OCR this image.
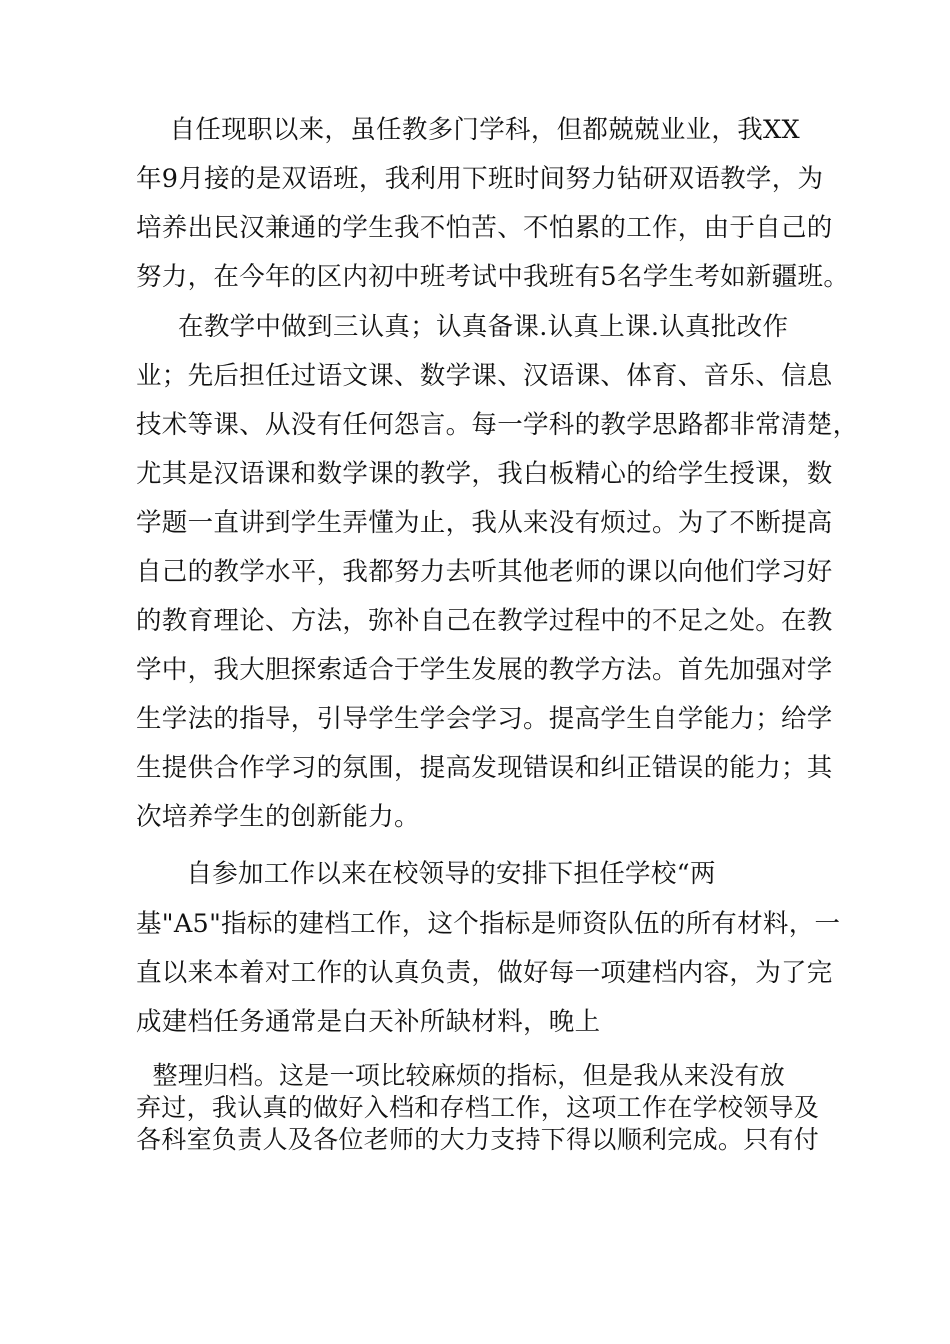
自任现职以来，虽任教多门学科，但都兢兢业业，我XX

年9月接的是双语班，我利用下班时间努力钻研双语教学，为

培养出民汉兼通的学生我不怕苦、不怕累的工作，由于自己的

努力，在今年的区内初中班考试中我班有5名学生考如新疆班。

在教学中做到三认真；认真备课.认真上课.认真批改作

业；先后担任过语文课、数学课、汉语课、体育、音乐、信息

技术等课、从没有任何怨言。每一学科的教学思路都非常清楚，

尤其是汉语课和数学课的教学，我白板精心的给学生授课，数

学题一直讲到学生弄懂为止，我从来没有烦过。为了不断提高

自己的教学水平，我都努力去听其他老师的课以向他们学习好

的教育理论、方法，弥补自己在教学过程中的不足之处。在教

学中，我大胆探索适合于学生发展的教学方法。首先加强对学

生学法的指导，引导学生学会学习。提高学生自学能力；给学

生提供合作学习的氛围，提高发现错误和纠正错误的能力；其

次培养学生的创新能力。

自参加工作以来在校领导的安排下担任学校“两

基"A5"指标的建档工作，这个指标是师资队伍的所有材料，一

直以来本着对工作的认真负责，做好每一项建档内容，为了完

成建档任务通常是白天补所缺材料，晚上

整理归档。这是一项比较麻烦的指标，但是我从来没有放

弃过，我认真的做好入档和存档工作，这项工作在学校领导及

各科室负责人及各位老师的大力支持下得以顺利完成。只有付
